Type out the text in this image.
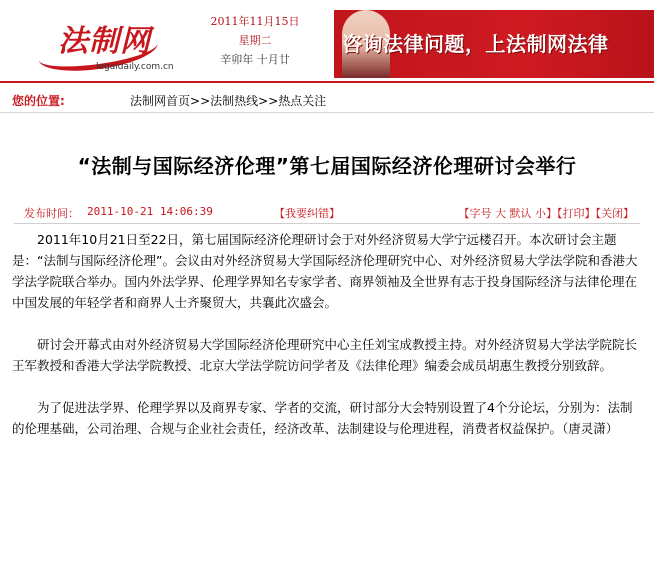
法制网
legaldaily.com.cn
2011年11月15日
星期二
辛卯年 十月廿
咨询法律问题，上法制网法律
您的位置:	法制网首页>>法制热线>>热点关注
“法制与国际经济伦理”第七届国际经济伦理研讨会举行
发布时间： 2011-10-21 14:06:39	【我要纠错】	【字号 大 默认 小】【打印】【关闭】

2011年10月21日至22日，第七届国际经济伦理研讨会于对外经济贸易大学宁远楼召开。本次研讨会主题是：“法制与国际经济伦理”。会议由对外经济贸易大学国际经济伦理研究中心、对外经济贸易大学法学院和香港大学法学院联合举办。国内外法学界、伦理学界知名专家学者、商界领袖及全世界有志于投身国际经济与法律伦理在中国发展的年轻学者和商界人士齐聚贸大，共襄此次盛会。

研讨会开幕式由对外经济贸易大学国际经济伦理研究中心主任刘宝成教授主持。对外经济贸易大学法学院院长王军教授和香港大学法学院教授、北京大学法学院访问学者及《法律伦理》编委会成员胡惠生教授分别致辞。

为了促进法学界、伦理学界以及商界专家、学者的交流，研讨部分大会特别设置了4个分论坛，分别为：法制的伦理基础，公司治理、合规与企业社会责任，经济改革、法制建设与伦理进程，消费者权益保护。（唐灵潇）
